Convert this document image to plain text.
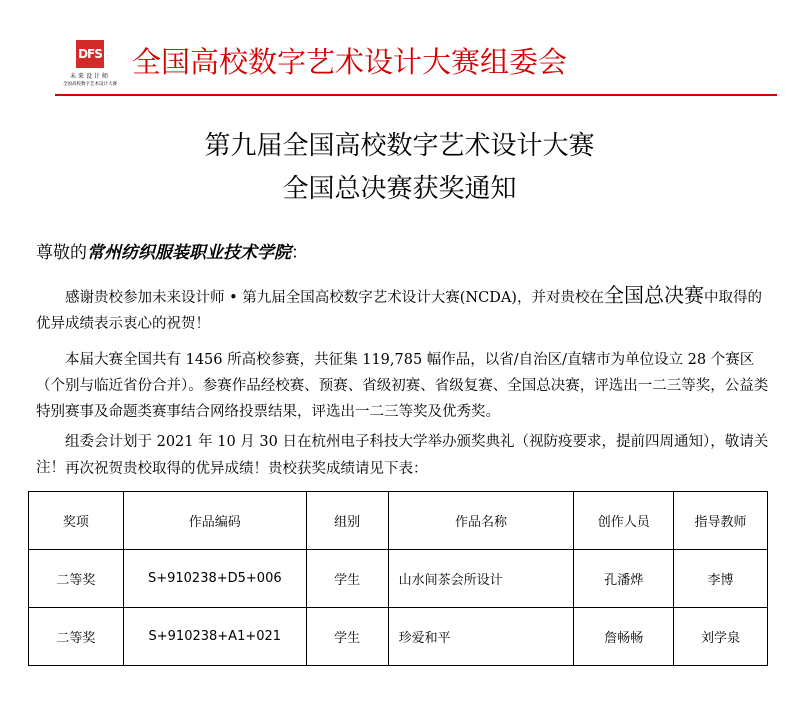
DFS
未来设计师
全国高校数字艺术设计大赛
全国高校数字艺术设计大赛组委会
第九届全国高校数字艺术设计大赛
全国总决赛获奖通知
尊敬的常州纺织服装职业技术学院：
感谢贵校参加未来设计师 • 第九届全国高校数字艺术设计大赛(NCDA)，并对贵校在全国总决赛中取得的优异成绩表示衷心的祝贺！
本届大赛全国共有 1456 所高校参赛，共征集 119,785 幅作品，以省/自治区/直辖市为单位设立 28 个赛区（个别与临近省份合并）。参赛作品经校赛、预赛、省级初赛、省级复赛、全国总决赛，评选出一二三等奖，公益类特别赛事及命题类赛事结合网络投票结果，评选出一二三等奖及优秀奖。
组委会计划于 2021 年 10 月 30 日在杭州电子科技大学举办颁奖典礼（视防疫要求，提前四周通知），敬请关注！ 再次祝贺贵校取得的优异成绩！贵校获奖成绩请见下表：
奖项	作品编码	组别	作品名称	创作人员	指导教师
二等奖	S+910238+D5+006	学生	山水间茶会所设计	孔潘烨	李博
二等奖	S+910238+A1+021	学生	珍爱和平	詹畅畅	刘学泉
